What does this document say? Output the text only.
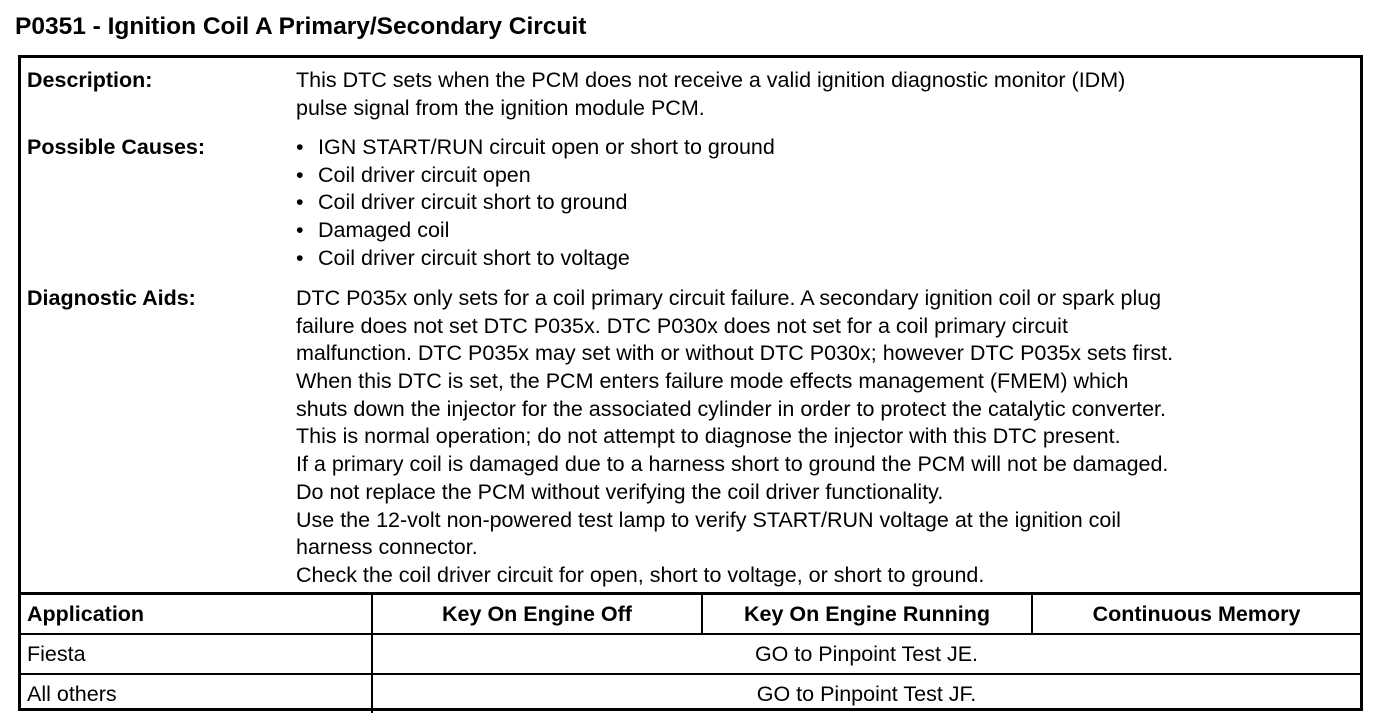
P0351 - Ignition Coil A Primary/Secondary Circuit
Description:	This DTC sets when the PCM does not receive a valid ignition diagnostic monitor (IDM)
pulse signal from the ignition module PCM.
Possible Causes:
•	IGN START/RUN circuit open or short to ground
• Coil driver circuit open
• Coil driver circuit short to ground
• Damaged coil
• Coil driver circuit short to voltage
Diagnostic Aids:	DTC P035x only sets for a coil primary circuit failure. A secondary ignition coil or spark plug
failure does not set DTC P035x. DTC P030x does not set for a coil primary circuit
malfunction. DTC P035x may set with or without DTC P030x; however DTC P035x sets first.
When this DTC is set, the PCM enters failure mode effects management (FMEM) which
shuts down the injector for the associated cylinder in order to protect the catalytic converter.
This is normal operation; do not attempt to diagnose the injector with this DTC present.
If a primary coil is damaged due to a harness short to ground the PCM will not be damaged.
Do not replace the PCM without verifying the coil driver functionality.
Use the 12-volt non-powered test lamp to verify START/RUN voltage at the ignition coil
harness connector.
Check the coil driver circuit for open, short to voltage, or short to ground.
Application	Key On Engine Off	Key On Engine Running	Continuous Memory
Fiesta	GO to Pinpoint Test JE.
All others	GO to Pinpoint Test JF.
